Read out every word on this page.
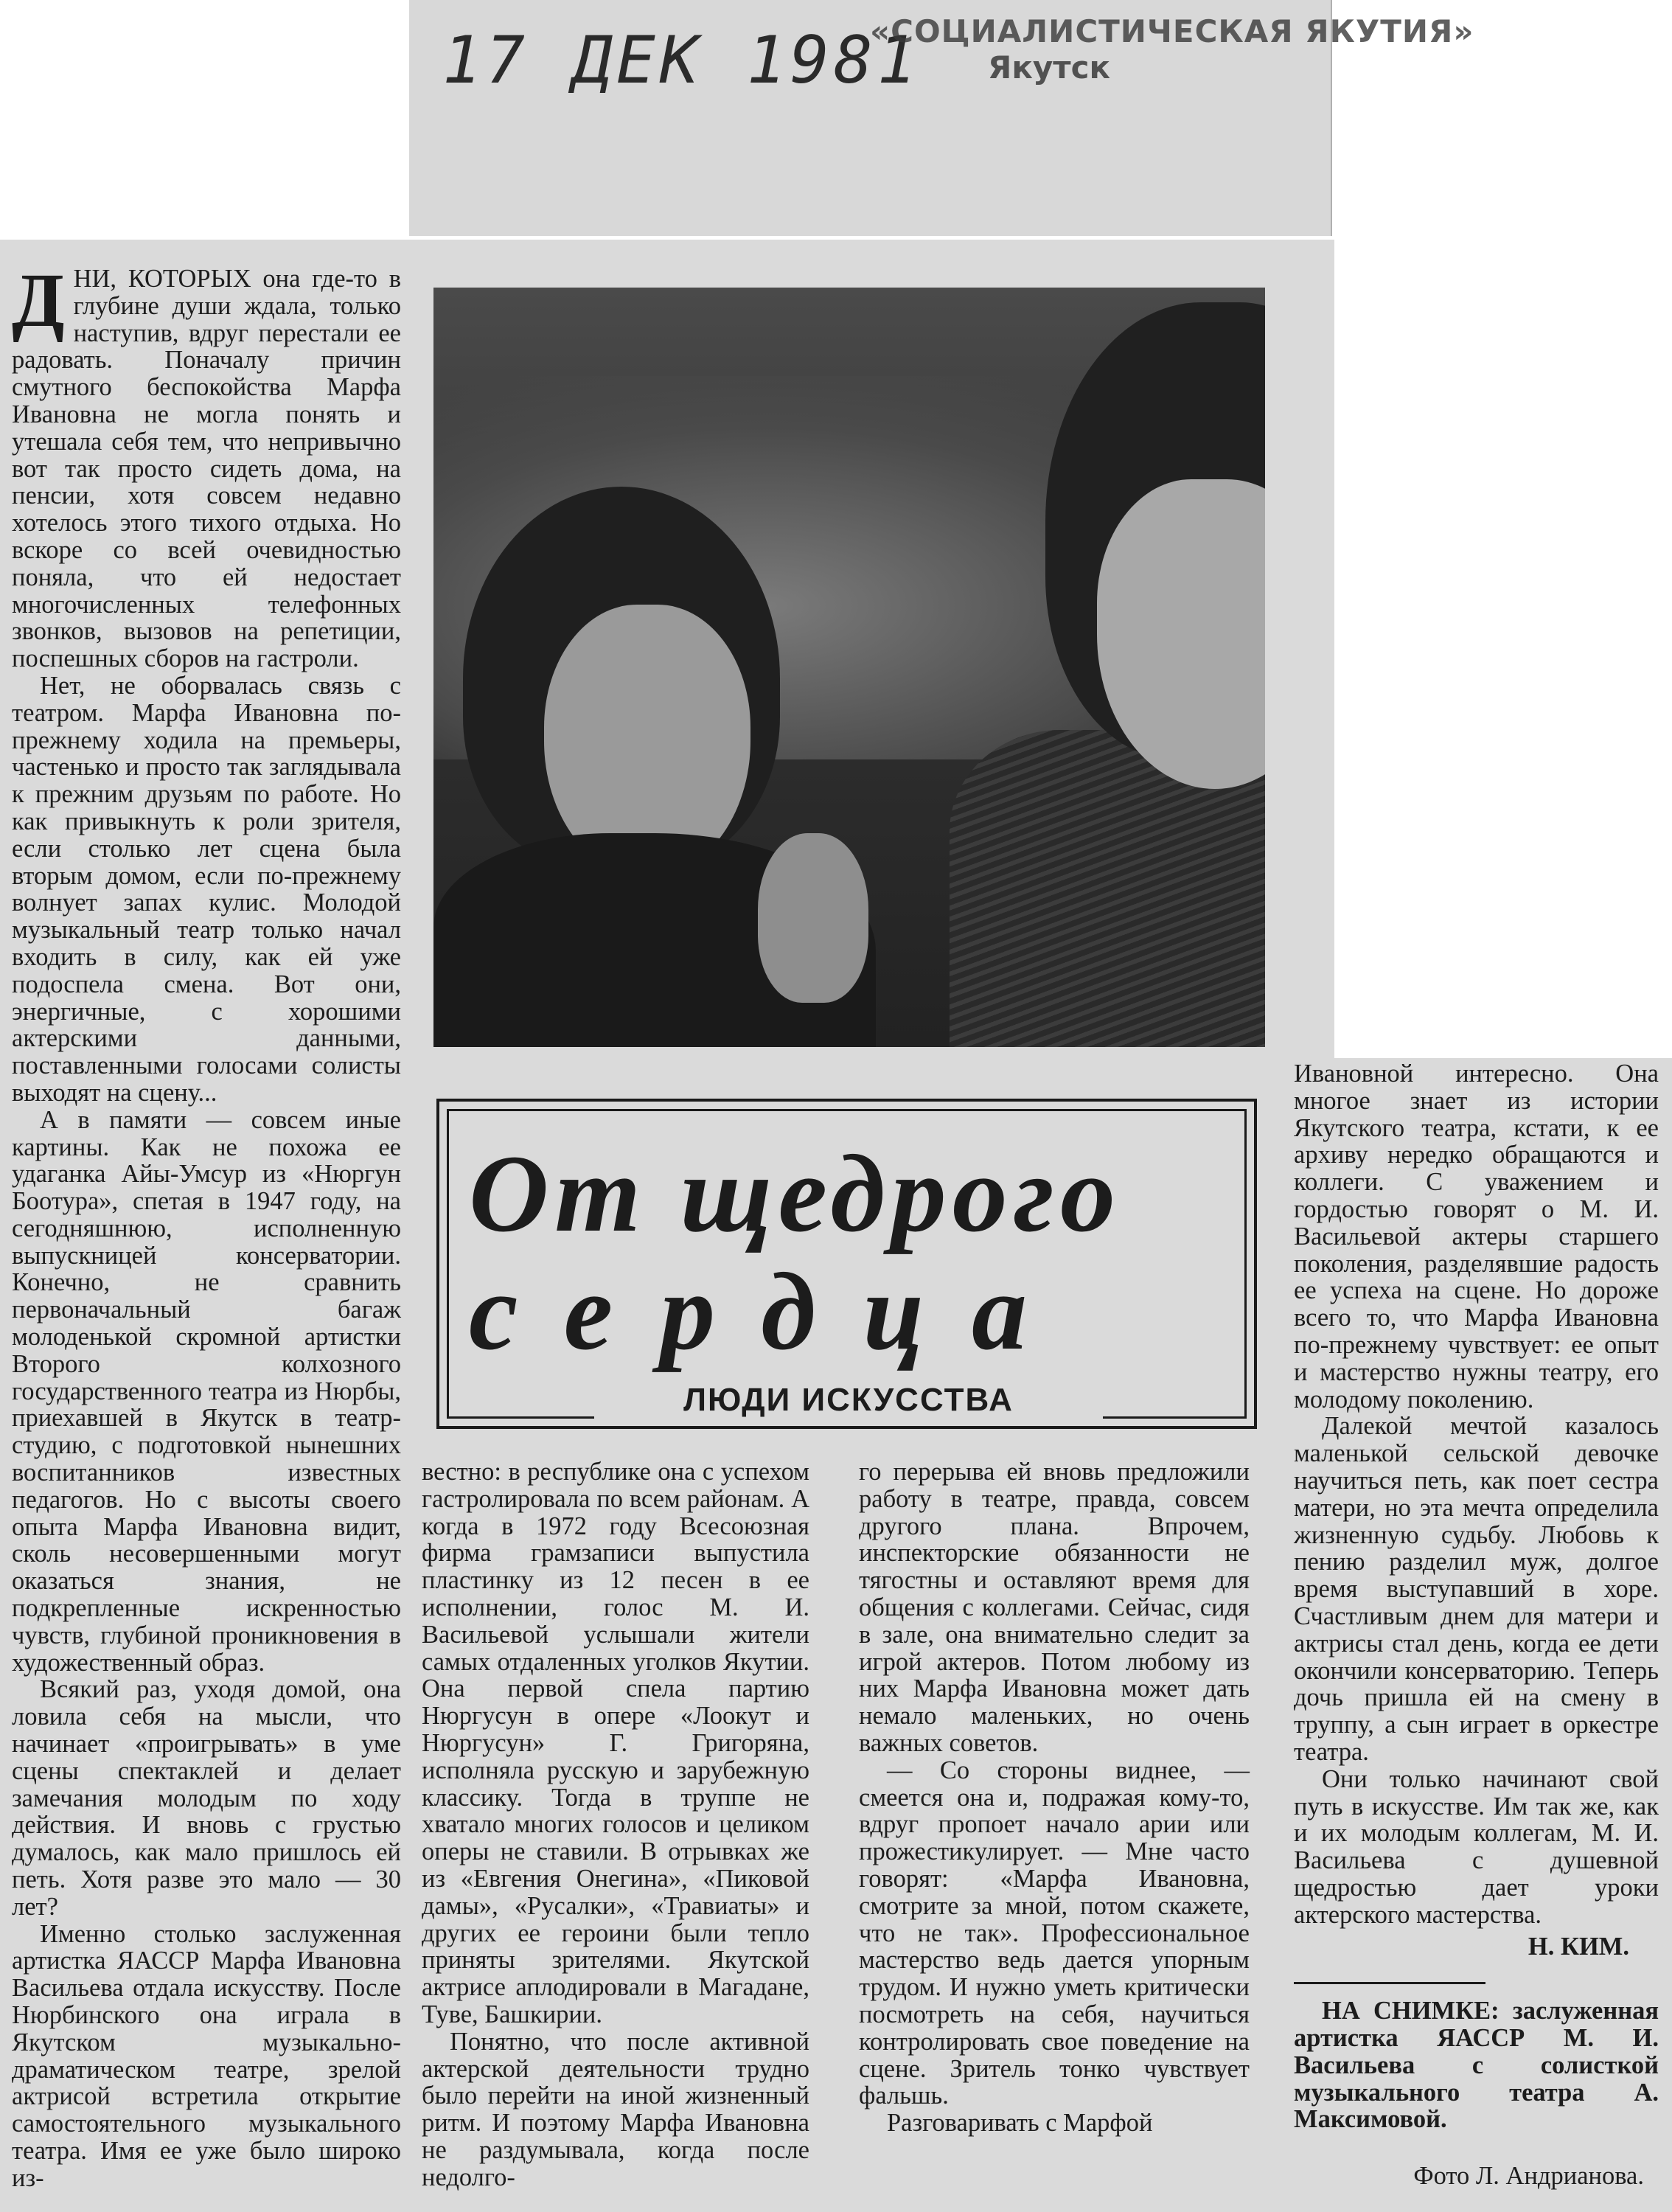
17 ДЕК 1981
«СОЦИАЛИСТИЧЕСКАЯ ЯКУТИЯ»
Якутск

ДНИ, КОТОРЫХ она где-то в глубине души ждала, только наступив, вдруг перестали ее радовать. Поначалу причин смутного беспокойства Марфа Ивановна не могла понять и утешала себя тем, что непривычно вот так просто сидеть дома, на пенсии, хотя совсем недавно хотелось этого тихого отдыха. Но вскоре со всей очевидностью поняла, что ей недостает многочисленных телефонных звонков, вызовов на репетиции, поспешных сборов на гастроли.

Нет, не оборвалась связь с театром. Марфа Ивановна по-прежнему ходила на премьеры, частенько и просто так заглядывала к прежним друзьям по работе. Но как привыкнуть к роли зрителя, если столько лет сцена была вторым домом, если по-прежнему волнует запах кулис. Молодой музыкальный театр только начал входить в силу, как ей уже подоспела смена. Вот они, энергичные, с хорошими актерскими данными, поставленными голосами солисты выходят на сцену...

А в памяти — совсем иные картины. Как не похожа ее удаганка Айы-Умсур из «Нюргун Боотура», спетая в 1947 году, на сегодняшнюю, исполненную выпускницей консерватории. Конечно, не сравнить первоначальный багаж молоденькой скромной артистки Второго колхозного государственного театра из Нюрбы, приехавшей в Якутск в театр-студию, с подготовкой нынешних воспитанников известных педагогов. Но с высоты своего опыта Марфа Ивановна видит, сколь несовершенными могут оказаться знания, не подкрепленные искренностью чувств, глубиной проникновения в художественный образ.

Всякий раз, уходя домой, она ловила себя на мысли, что начинает «проигрывать» в уме сцены спектаклей и делает замечания молодым по ходу действия. И вновь с грустью думалось, как мало пришлось ей петь. Хотя разве это мало — 30 лет?

Именно столько заслуженная артистка ЯАССР Марфа Ивановна Васильева отдала искусству. После Нюрбинского она играла в Якутском музыкально-драматическом театре, зрелой актрисой встретила открытие самостоятельного музыкального театра. Имя ее уже было широко из-

От щедрого
сердца
ЛЮДИ ИСКУССТВА

вестно: в республике она с успехом гастролировала по всем районам. А когда в 1972 году Всесоюзная фирма грамзаписи выпустила пластинку из 12 песен в ее исполнении, голос М. И. Васильевой услышали жители самых отдаленных уголков Якутии. Она первой спела партию Нюргусун в опере «Лоокут и Нюргусун» Г. Григоряна, исполняла русскую и зарубежную классику. Тогда в труппе не хватало многих голосов и целиком оперы не ставили. В отрывках же из «Евгения Онегина», «Пиковой дамы», «Русалки», «Травиаты» и других ее героини были тепло приняты зрителями. Якутской актрисе аплодировали в Магадане, Туве, Башкирии.

Понятно, что после активной актерской деятельности трудно было перейти на иной жизненный ритм. И поэтому Марфа Ивановна не раздумывала, когда после недолго-

го перерыва ей вновь предложили работу в театре, правда, совсем другого плана. Впрочем, инспекторские обязанности не тягостны и оставляют время для общения с коллегами. Сейчас, сидя в зале, она внимательно следит за игрой актеров. Потом любому из них Марфа Ивановна может дать немало маленьких, но очень важных советов.

— Со стороны виднее, — смеется она и, подражая кому-то, вдруг пропоет начало арии или прожестикулирует. — Мне часто говорят: «Марфа Ивановна, смотрите за мной, потом скажете, что не так». Профессиональное мастерство ведь дается упорным трудом. И нужно уметь критически посмотреть на себя, научиться контролировать свое поведение на сцене. Зритель тонко чувствует фальшь.

Разговаривать с Марфой

Ивановной интересно. Она многое знает из истории Якутского театра, кстати, к ее архиву нередко обращаются и коллеги. С уважением и гордостью говорят о М. И. Васильевой актеры старшего поколения, разделявшие радость ее успеха на сцене. Но дороже всего то, что Марфа Ивановна по-прежнему чувствует: ее опыт и мастерство нужны театру, его молодому поколению.

Далекой мечтой казалось маленькой сельской девочке научиться петь, как поет сестра матери, но эта мечта определила жизненную судьбу. Любовь к пению разделил муж, долгое время выступавший в хоре. Счастливым днем для матери и актрисы стал день, когда ее дети окончили консерваторию. Теперь дочь пришла ей на смену в труппу, а сын играет в оркестре театра.

Они только начинают свой путь в искусстве. Им так же, как и их молодым коллегам, М. И. Васильева с душевной щедростью дает уроки актерского мастерства.

Н. КИМ.
НА СНИМКЕ: заслуженная артистка ЯАССР М. И. Васильева с солисткой музыкального театра А. Максимовой.
Фото Л. Андрианова.
